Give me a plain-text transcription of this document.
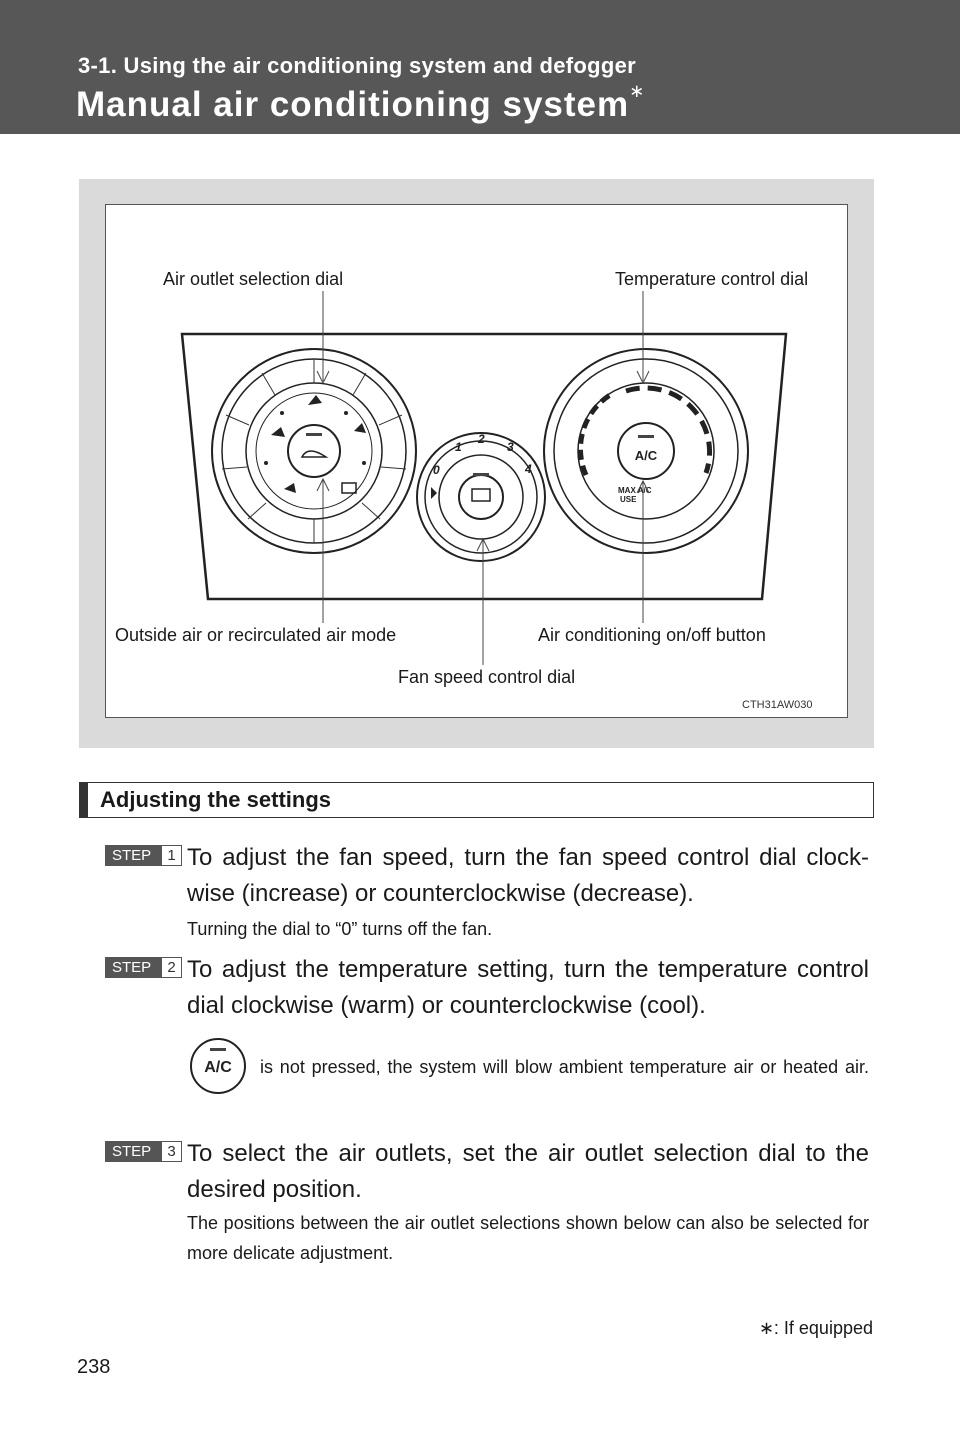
3-1. Using the air conditioning system and defogger
Manual air conditioning system∗
0
1
2
3
4
A/C
MAX A/C
USE
Air outlet selection dial	Temperature control dial
Outside air or recirculated air mode	Air conditioning on/off button
Fan speed control dial
CTH31AW030
Adjusting the settings
STEP	1 To adjust the fan speed, turn the fan speed control dial clock-wise (increase) or counterclockwise (decrease).
Turning the dial to “0” turns off the fan.
STEP	2 To adjust the temperature setting, turn the temperature control dial clockwise (warm) or counterclockwise (cool).
A/C is not pressed, the system will blow ambient temperature air or heated air.
STEP	3 To select the air outlets, set the air outlet selection dial to the desired position.
The positions between the air outlet selections shown below can also be selected for more delicate adjustment.
∗: If equipped
238
